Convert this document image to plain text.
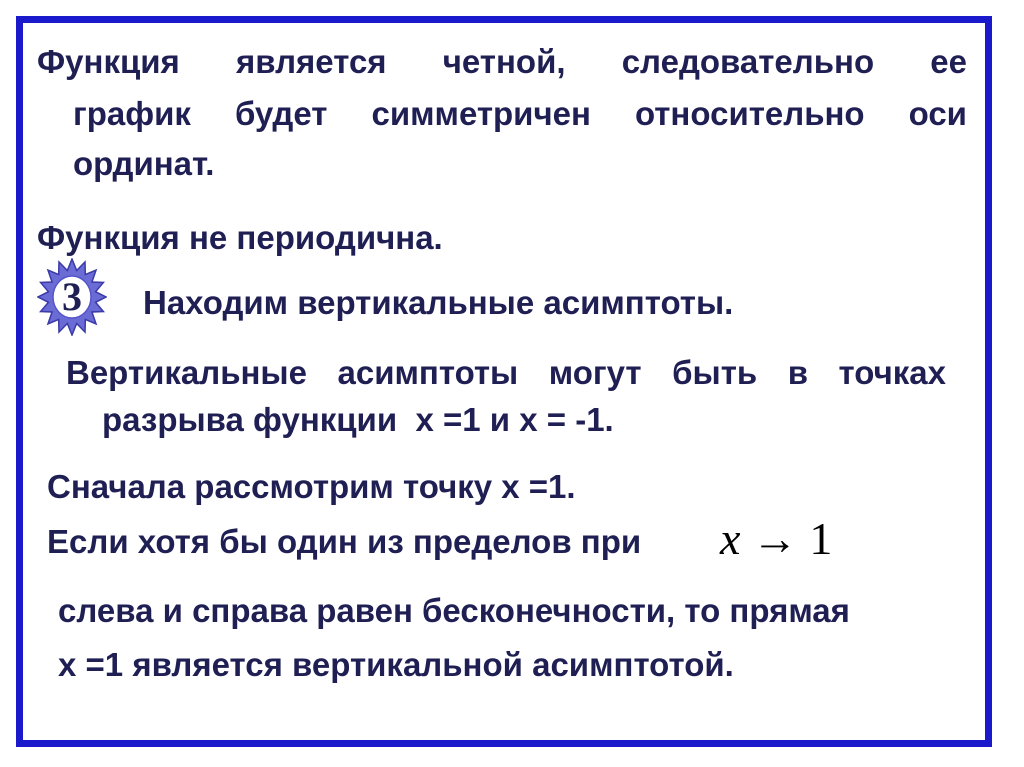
Функция является четной, следовательно ее
график будет симметричен относительно оси
ординат.
Функция не периодична.
3	Находим вертикальные асимптоты.
Вертикальные асимптоты могут быть в точках
разрыва функции  x =1 и x = -1.
Сначала рассмотрим точку x =1.
Если хотя бы один из пределов при x → 1
слева и справа равен бесконечности, то прямая
x =1 является вертикальной асимптотой.
